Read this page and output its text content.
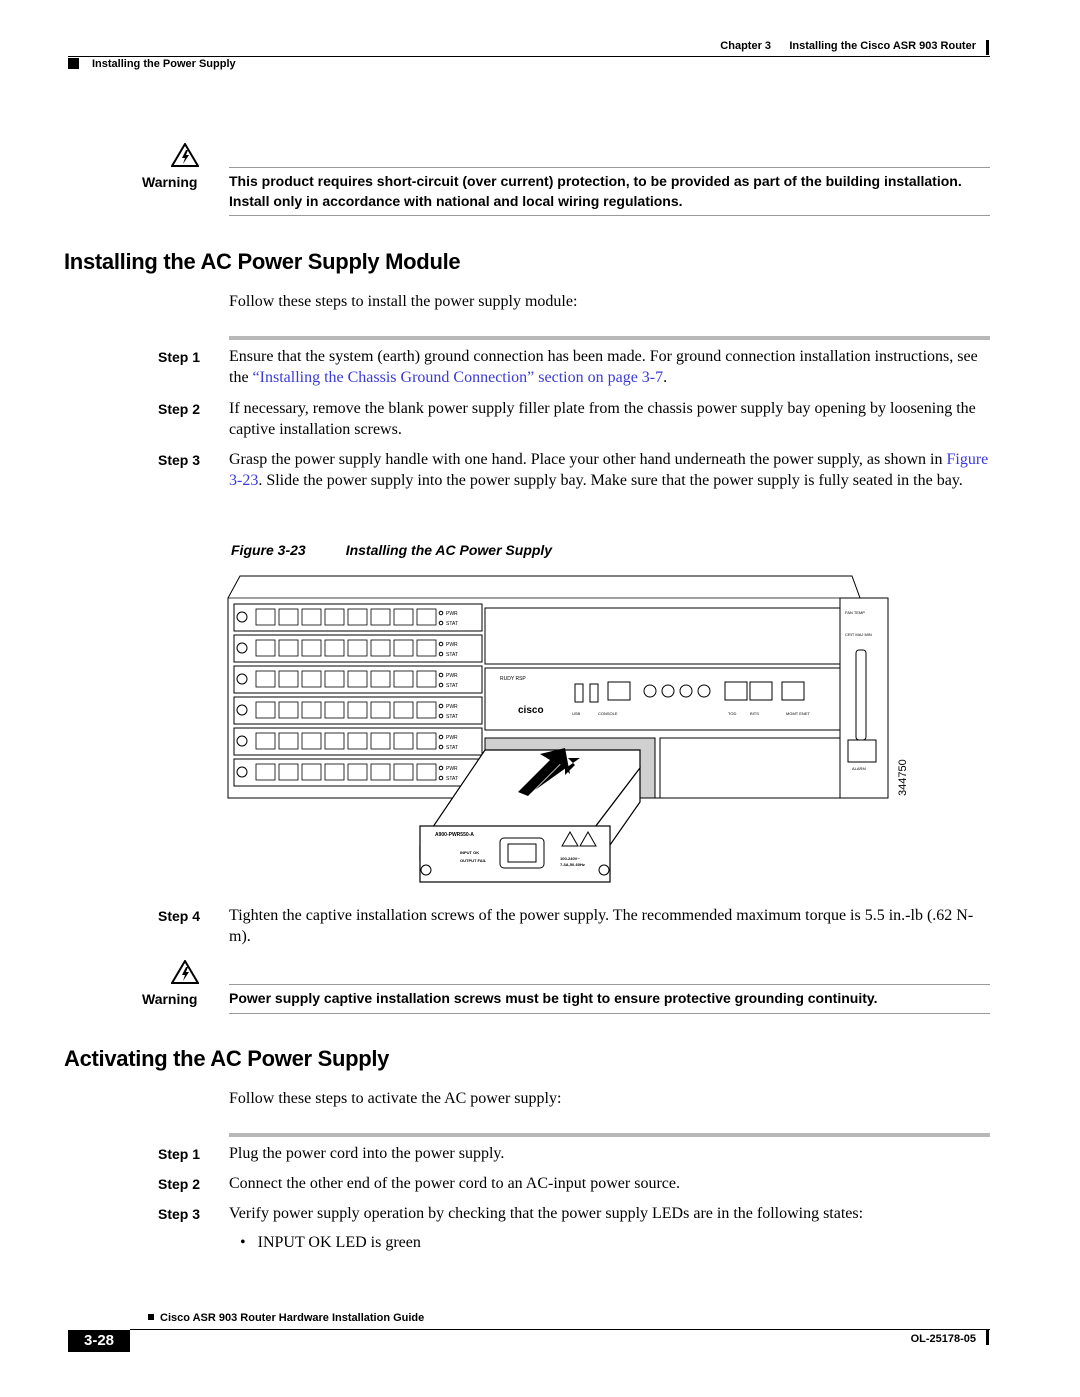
Chapter 3      Installing the Cisco ASR 903 Router
Installing the Power Supply
Warning This product requires short-circuit (over current) protection, to be provided as part of the building installation. Install only in accordance with national and local wiring regulations.
Installing the AC Power Supply Module
Follow these steps to install the power supply module:
Step 1 Ensure that the system (earth) ground connection has been made. For ground connection installation instructions, see the “Installing the Chassis Ground Connection” section on page 3-7.
Step 2 If necessary, remove the blank power supply filler plate from the chassis power supply bay opening by loosening the captive installation screws.
Step 3 Grasp the power supply handle with one hand. Place your other hand underneath the power supply, as shown in Figure 3-23. Slide the power supply into the power supply bay. Make sure that the power supply is fully seated in the bay.
Figure 3-23	Installing the AC Power Supply
PWR
STAT
PWR
STAT
PWR
STAT
PWR
STAT
PWR
STAT
PWR
STAT
RUDY RSP
cisco	USB	CONSOLE	BITS
TOD	MGMT ENET
FAN TEMP
CRIT MAJ MIN
ALARM	344750
A900-PWR550-A
INPUT OK
OUTPUT FAIL	100-240V~
7-3A,50-60Hz
Step 4 Tighten the captive installation screws of the power supply. The recommended maximum torque is 5.5 in.-lb (.62 N-m).
Warning Power supply captive installation screws must be tight to ensure protective grounding continuity.
Activating the AC Power Supply
Follow these steps to activate the AC power supply:
Step 1 Plug the power cord into the power supply.
Step 2 Connect the other end of the power cord to an AC-input power source.
Step 3 Verify power supply operation by checking that the power supply LEDs are in the following states:
• INPUT OK LED is green
Cisco ASR 903 Router Hardware Installation Guide
3-28	OL-25178-05
